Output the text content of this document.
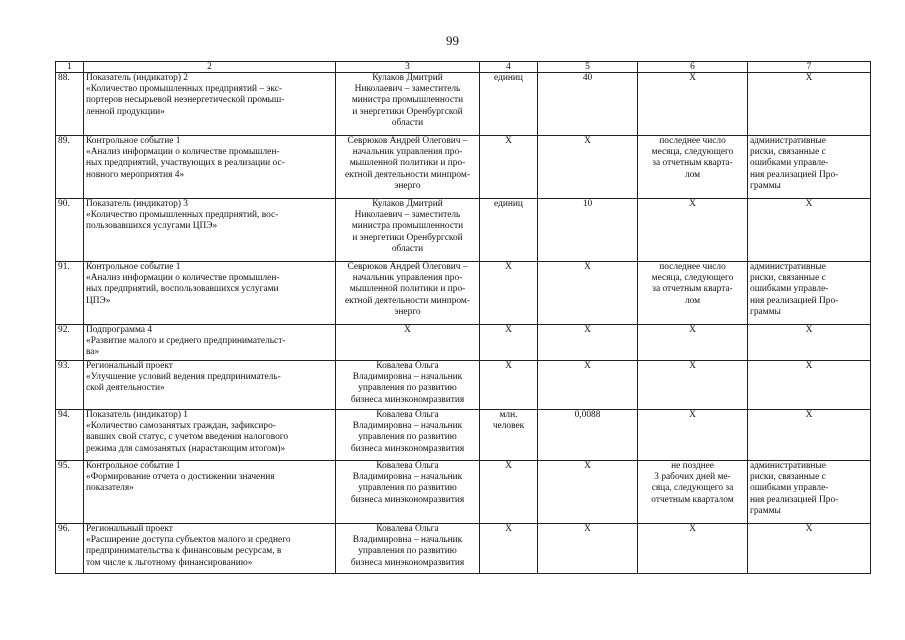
99
1	2	3	4	5	6	7
88.	Показатель (индикатор) 2
«Количество промышленных предприятий – экс-
портеров несырьевой неэнергетической промыш-
ленной продукции»	Кулаков Дмитрий
Николаевич – заместитель
министра промышленности
и энергетики Оренбургской
области	единиц	40	Х	Х

89.	Контрольное событие 1
«Анализ информации о количестве промышлен-
ных предприятий, участвующих в реализации ос-
новного мероприятия 4»	Севрюков Андрей Олегович –
начальник управления про-
мышленной политики и про-
ектной деятельности минпром-
энерго	Х	Х	последнее число
месяца, следующего
за отчетным квартa-
лом	административные
риски, связанные с
ошибками управле-
ния реализацией Про-
граммы

90.	Показатель (индикатор) 3
«Количество промышленных предприятий, вос-
пользовавшихся услугами ЦПЭ»	Кулаков Дмитрий
Николаевич – заместитель
министра промышленности
и энергетики Оренбургской
области	единиц	10	Х	Х

91.	Контрольное событие 1
«Анализ информации о количестве промышлен-
ных предприятий, воспользовавшихся услугами
ЦПЭ»	Севрюков Андрей Олегович –
начальник управления про-
мышленной политики и про-
ектной деятельности минпром-
энерго	Х	Х	последнее число
месяца, следующего
за отчетным кварта-
лом	административные
риски, связанные с
ошибками управле-
ния реализацией Про-
граммы

92.	Подпрограмма 4
«Развитие малого и среднего предпринимательст-
ва»	Х	Х	Х	Х	Х

93.	Региональный проект
«Улучшение условий ведения предприниматель-
ской деятельности»	Ковалева Ольга
Владимировна – начальник
управления по развитию
бизнеса минэкономразвития	Х	Х	Х	Х

94.	Показатель (индикатор) 1
«Количество самозанятых граждан, зафиксиро-
вавших свой статус, с учетом введения налогового
режима для самозанятых (нарастающим итогом)»	Ковалева Ольга
Владимировна – начальник
управления по развитию
бизнеса минэкономразвития	млн.
человек	0,0088	Х	Х

95.	Контрольное событие 1
«Формирование отчета о достижении значения
показателя»	Ковалева Ольга
Владимировна – начальник
управления по развитию
бизнеса минэкономразвития	Х	Х	не позднее
3 рабочих дней ме-
сяца, следующего за
отчетным кварталом	административные
риски, связанные с
ошибками управле-
ния реализацией Про-
граммы

96.	Региональный проект
«Расширение доступа субъектов малого и среднего
предпринимательства к финансовым ресурсам, в
том числе к льготному финансированию»	Ковалева Ольга
Владимировна – начальник
управления по развитию
бизнеса минэкономразвития	Х	Х	Х	Х
